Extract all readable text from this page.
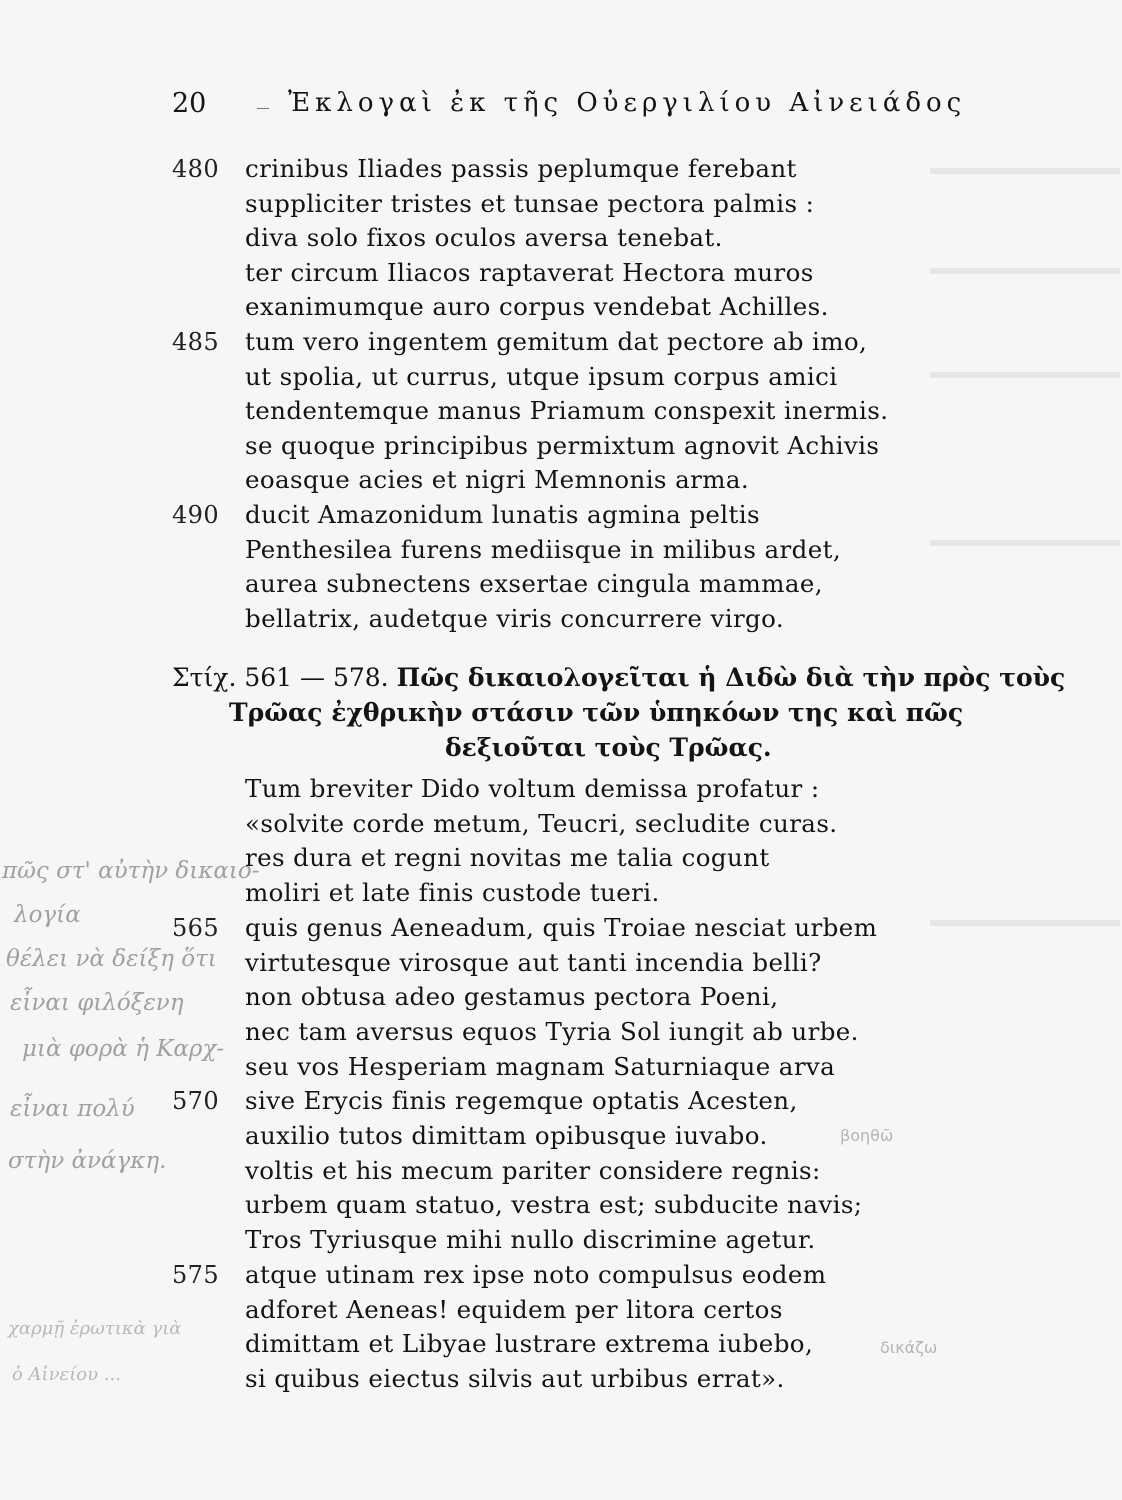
20	Ἐκλογαὶ ἐκ τῆς Οὐεργιλίου Αἰνειάδος
480	crinibus Iliades passis peplumque ferebant
suppliciter tristes et tunsae pectora palmis :
diva solo fixos oculos aversa tenebat.
ter circum Iliacos raptaverat Hectora muros
exanimumque auro corpus vendebat Achilles.
485	tum vero ingentem gemitum dat pectore ab imo,
ut spolia, ut currus, utque ipsum corpus amici
tendentemque manus Priamum conspexit inermis.
se quoque principibus permixtum agnovit Achivis
eoasque acies et nigri Memnonis arma.
490	ducit Amazonidum lunatis agmina peltis
Penthesilea furens mediisque in milibus ardet,
aurea subnectens exsertae cingula mammae,
bellatrix, audetque viris concurrere virgo.
Στίχ. 561 — 578. Πῶς δικαιολογεῖται ἡ Διδὼ διὰ τὴν πρὸς τοὺς
Τρῶας ἐχθρικὴν στάσιν τῶν ὑπηκόων της καὶ πῶς
δεξιοῦται τοὺς Τρῶας.
Tum breviter Dido voltum demissa profatur :
«solvite corde metum, Teucri, secludite curas.
res dura et regni novitas me talia cogunt
moliri et late finis custode tueri.
565	quis genus Aeneadum, quis Troiae nesciat urbem
virtutesque virosque aut tanti incendia belli?
non obtusa adeo gestamus pectora Poeni,
nec tam aversus equos Tyria Sol iungit ab urbe.
seu vos Hesperiam magnam Saturniaque arva
570	sive Erycis finis regemque optatis Acesten,
auxilio tutos dimittam opibusque iuvabo.
voltis et his mecum pariter considere regnis:
urbem quam statuo, vestra est; subducite navis;
Tros Tyriusque mihi nullo discrimine agetur.
575	atque utinam rex ipse noto compulsus eodem
adforet Aeneas! equidem per litora certos
dimittam et Libyae lustrare extrema iubebo,
si quibus eiectus silvis aut urbibus errat».
πῶς στ' αὐτὴν δικαιο-
λογία
θέλει νὰ δείξη ὅτι
εἶναι φιλόξενη
μιὰ φορὰ ἡ Καρχ-
εἶναι πολύ
στὴν ἀνάγκη.
χαρμῇ ἐρωτικὰ γιὰ
ὁ Αἰνείου ...
βοηθῶ
δικάζω
